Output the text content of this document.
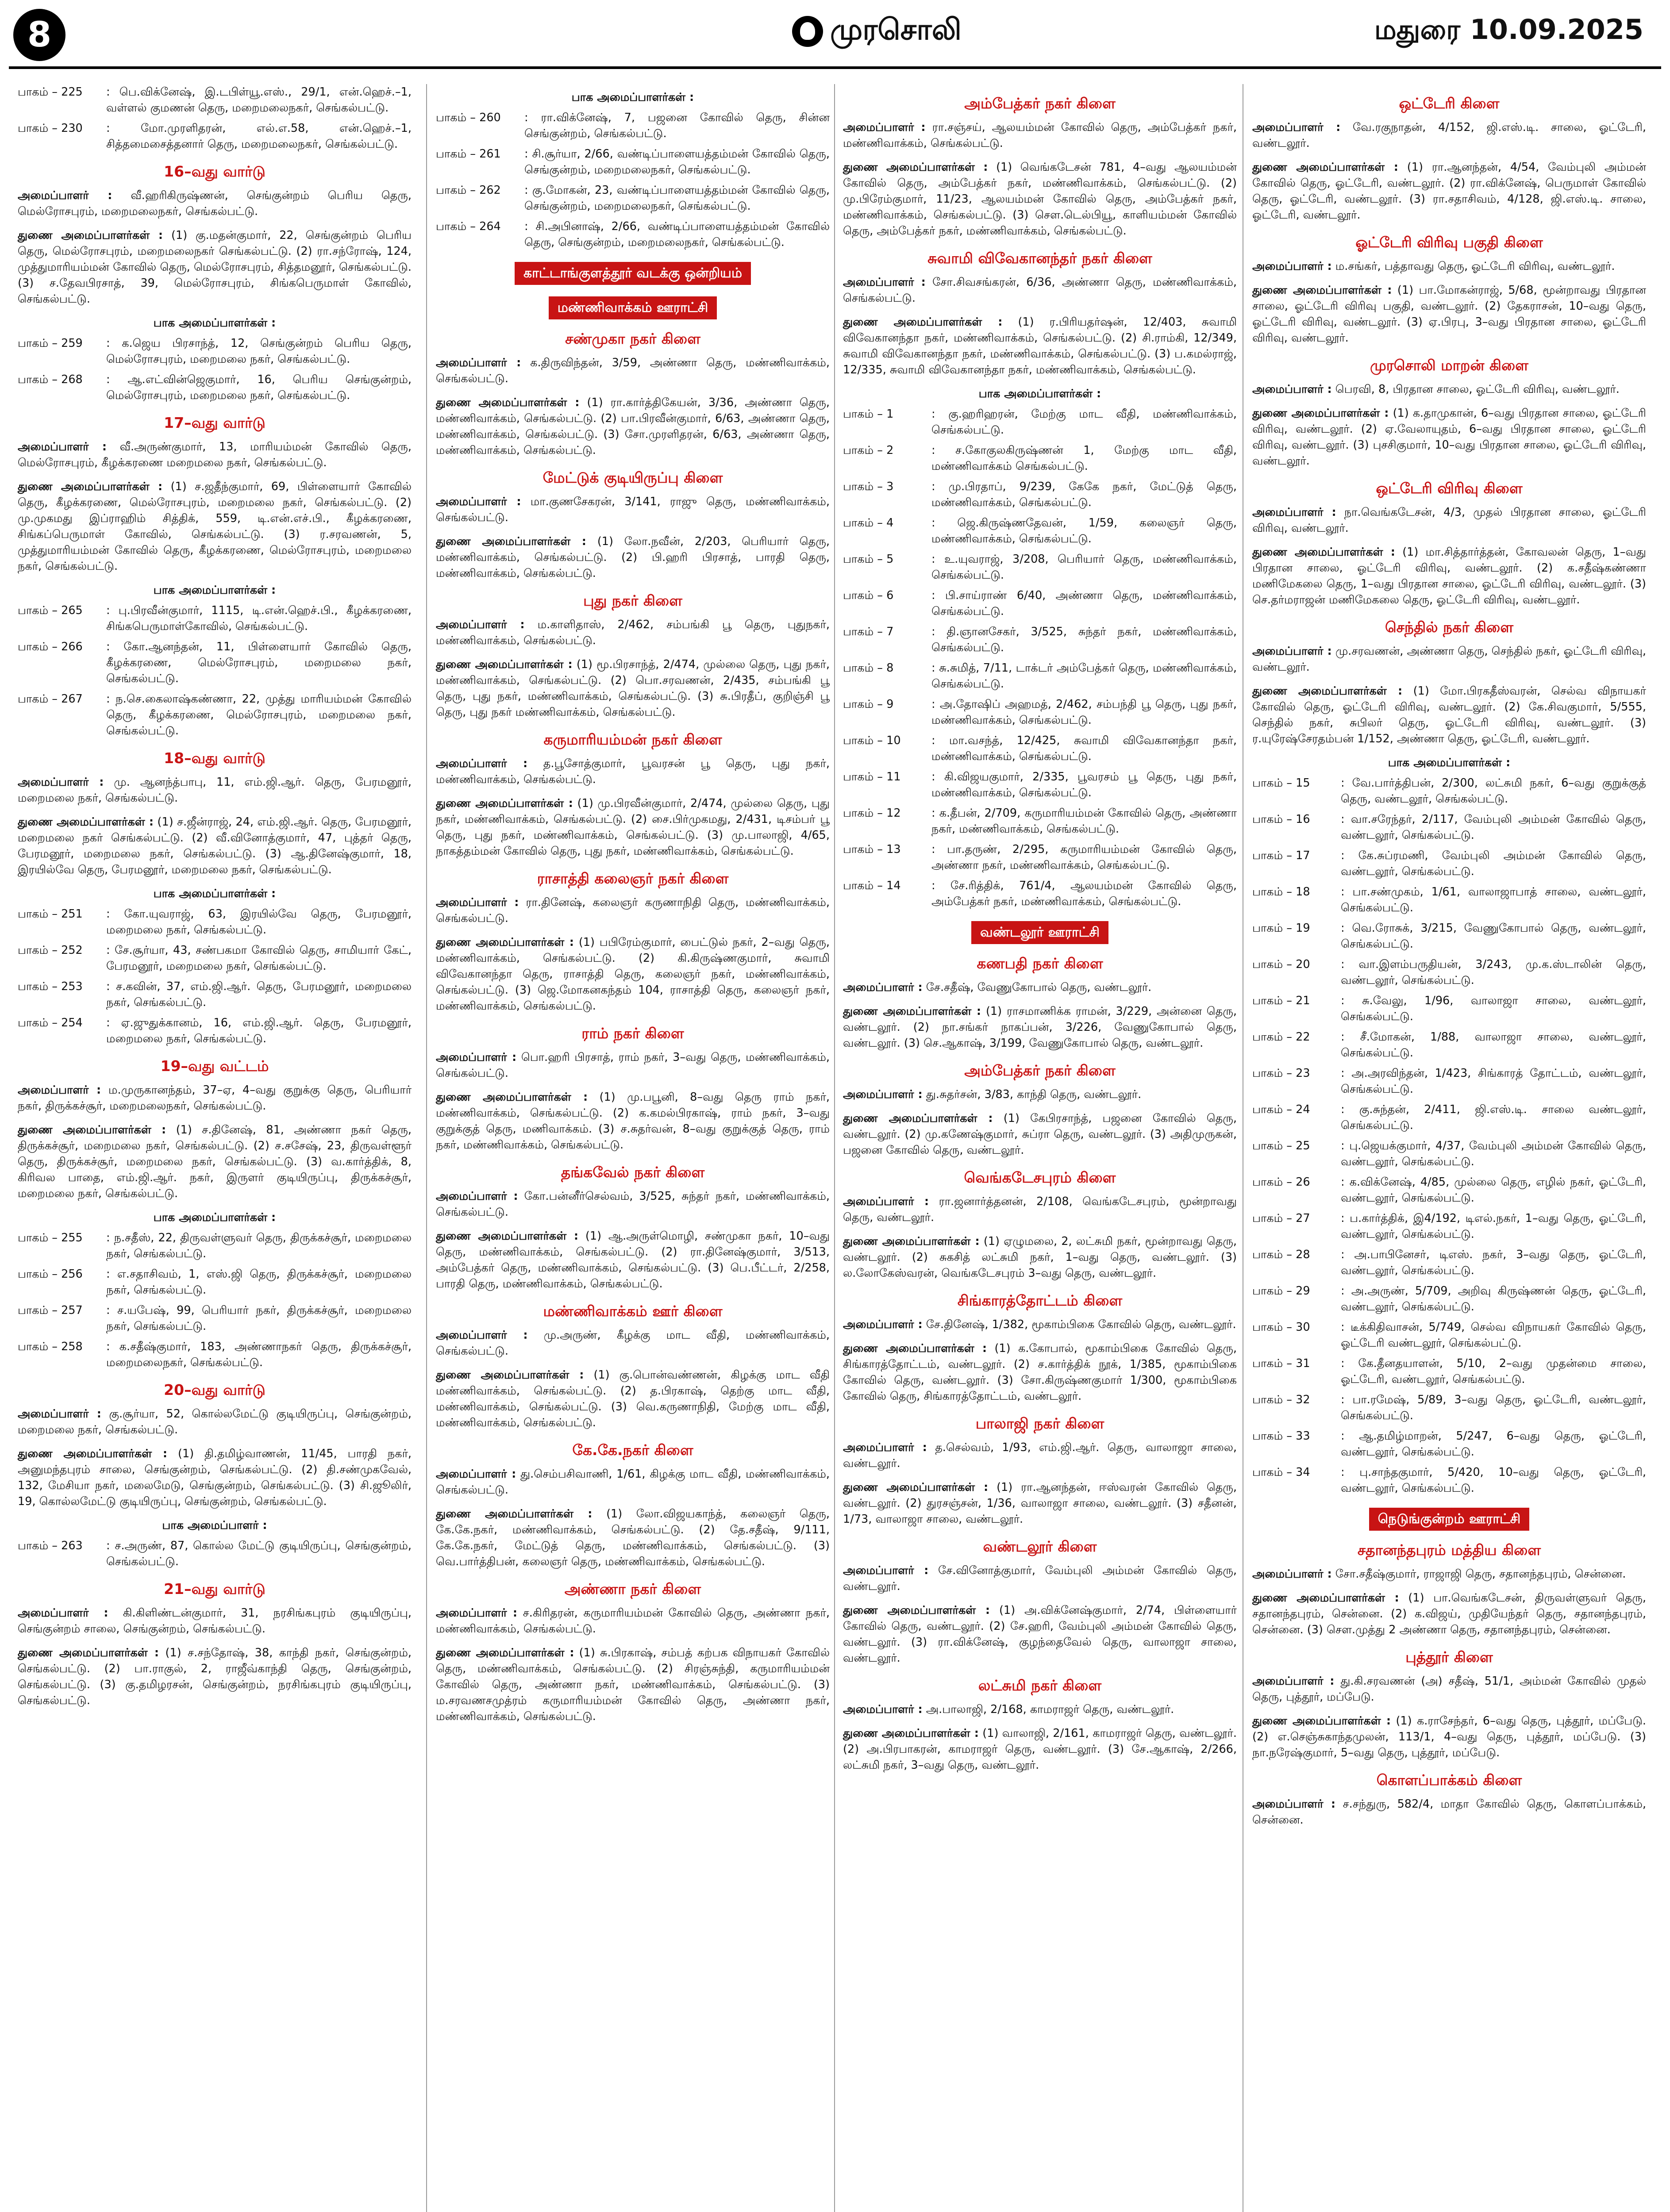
8	முரசொலி	மதுரை 10.09.2025
பாகம் – 225	: பெ.விக்னேஷ், இ.டபிள்யூ.எஸ்., 29/1, என்.ஹெச்.–1, வள்ளல் குமணன் தெரு, மறைமலைநகர், செங்கல்பட்டு.
பாகம் – 230	: மோ.முரளிதரன், எல்.எ.58, என்.ஹெச்.–1, சித்தமைசைத்தனார் தெரு, மறைமலைநகர், செங்கல்பட்டு.
16–வது வார்டு

அமைப்பாளர் : வீ.ஹரிகிருஷ்ணன், செங்குன்றம் பெரிய தெரு, மெல்ரோசபுரம், மறைமலைநகர், செங்கல்பட்டு.

துணை அமைப்பாளர்கள் : (1) கு.மதன்குமார், 22, செங்குன்றம் பெரிய தெரு, மெல்ரோசபுரம், மறைமலைநகர் செங்கல்பட்டு. (2) ரா.சந்ரோஷ், 124, முத்துமாரியம்மன் கோவில் தெரு, மெல்ரோசபுரம், சித்தமனூர், செங்கல்பட்டு. (3) ச.தேவபிரசாத், 39, மெல்ரோசபுரம், சிங்கபெருமாள் கோவில், செங்கல்பட்டு.

பாக அமைப்பாளர்கள் :
பாகம் – 259	: க.ஜெய பிரசாந்த், 12, செங்குன்றம் பெரிய தெரு, மெல்ரோசபுரம், மறைமலை நகர், செங்கல்பட்டு.
பாகம் – 268	: ஆ.எட்வின்ஜெகுமார், 16, பெரிய செங்குன்றம், மெல்ரோசபுரம், மறைமலை நகர், செங்கல்பட்டு.
17–வது வார்டு

அமைப்பாளர் : வீ.அருண்குமார், 13, மாரியம்மன் கோவில் தெரு, மெல்ரோசபுரம், கீழக்கரணை மறைமலை நகர், செங்கல்பட்டு.

துணை அமைப்பாளர்கள் : (1) ச.ஜதீந்குமார், 69, பிள்ளையார் கோவில் தெரு, கீழக்கரணை, மெல்ரோசபுரம், மறைமலை நகர், செங்கல்பட்டு. (2) மு.முகமது இப்ராஹிம் சித்திக், 559, டி.என்.எச்.பி., கீழக்கரணை, சிங்கப்பெருமாள் கோவில், செங்கல்பட்டு. (3) ர.சரவணன், 5, முத்துமாரியம்மன் கோவில் தெரு, கீழக்கரணை, மெல்ரோசபுரம், மறைமலை நகர், செங்கல்பட்டு.

பாக அமைப்பாளர்கள் :
பாகம் – 265	: பு.பிரவீன்குமார், 1115, டி.என்.ஹெச்.பி., கீழக்கரணை, சிங்கபெருமாள்கோவில், செங்கல்பட்டு.
பாகம் – 266	: கோ.ஆனந்தன், 11, பிள்ளையார் கோவில் தெரு, கீழக்கரணை, மெல்ரோசபுரம், மறைமலை நகர், செங்கல்பட்டு.
பாகம் – 267	: ந.செ.கைலாஷ்கண்ணா, 22, முத்து மாரியம்மன் கோவில் தெரு, கீழக்கரணை, மெல்ரோசபுரம், மறைமலை நகர், செங்கல்பட்டு.
18–வது வார்டு

அமைப்பாளர் : மு. ஆனந்த்பாபு, 11, எம்.ஜி.ஆர். தெரு, பேரமனூர், மறைமலை நகர், செங்கல்பட்டு.

துணை அமைப்பாளர்கள் : (1) ச.ஜீன்ராஜ், 24, எம்.ஜி.ஆர். தெரு, பேரமனூர், மறைமலை நகர் செங்கல்பட்டு. (2) வீ.வினோத்குமார், 47, புத்தர் தெரு, பேரமனூர், மறைமலை நகர், செங்கல்பட்டு. (3) ஆ.தினேஷ்குமார், 18, இரயில்வே தெரு, பேரமனூர், மறைமலை நகர், செங்கல்பட்டு.

பாக அமைப்பாளர்கள் :
பாகம் – 251	: கோ.யுவராஜ், 63, இரயில்வே தெரு, பேரமனூர், மறைமலை நகர், செங்கல்பட்டு.
பாகம் – 252	: சே.சூர்யா, 43, சண்பகமா கோவில் தெரு, சாமியார் கேட், பேரமனூர், மறைமலை நகர், செங்கல்பட்டு.
பாகம் – 253	: ச.கவின், 37, எம்.ஜி.ஆர். தெரு, பேரமனூர், மறைமலை நகர், செங்கல்பட்டு.
பாகம் – 254	: ஏ.ஜுதுக்கானம், 16, எம்.ஜி.ஆர். தெரு, பேரமனூர், மறைமலை நகர், செங்கல்பட்டு.
19–வது வட்டம்

அமைப்பாளர் : ம.முருகானந்தம், 37–ஏ, 4–வது குறுக்கு தெரு, பெரியார் நகர், திருக்கச்சூர், மறைமலைநகர், செங்கல்பட்டு.

துணை அமைப்பாளர்கள் : (1) ச.தினேஷ், 81, அண்ணா நகர் தெரு, திருக்கச்சூர், மறைமலை நகர், செங்கல்பட்டு. (2) ச.சசேஷ், 23, திருவள்ளூர் தெரு, திருக்கச்சூர், மறைமலை நகர், செங்கல்பட்டு. (3) வ.கார்த்திக், 8, கிரிவல பாதை, எம்.ஜி.ஆர். நகர், இருளர் குடியிருப்பு, திருக்கச்சூர், மறைமலை நகர், செங்கல்பட்டு.

பாக அமைப்பாளர்கள் :
பாகம் – 255	: ந.சதீஸ், 22, திருவள்ளுவர் தெரு, திருக்கச்சூர், மறைமலை நகர், செங்கல்பட்டு.
பாகம் – 256	: எ.சதாசிவம், 1, எஸ்.ஜி தெரு, திருக்கச்சூர், மறைமலை நகர், செங்கல்பட்டு.
பாகம் – 257	: ச.யபேஷ், 99, பெரியார் நகர், திருக்கச்சூர், மறைமலை நகர், செங்கல்பட்டு.
பாகம் – 258	: க.சதீஷ்குமார், 183, அண்ணாநகர் தெரு, திருக்கச்சூர், மறைமலைநகர், செங்கல்பட்டு.
20–வது வார்டு

அமைப்பாளர் : கு.சூர்யா, 52, கொல்லமேட்டு குடியிருப்பு, செங்குன்றம், மறைமலை நகர், செங்கல்பட்டு.

துணை அமைப்பாளர்கள் : (1) தி.தமிழ்வாணன், 11/45, பாரதி நகர், அனுமந்தபுரம் சாலை, செங்குன்றம், செங்கல்பட்டு. (2) தி.சண்முகவேல், 132, மேசியா நகர், மலைமேடு, செங்குன்றம், செங்கல்பட்டு. (3) சி.ஜூலிர், 19, கொல்லமேட்டு குடியிருப்பு, செங்குன்றம், செங்கல்பட்டு.

பாக அமைப்பாளர் :
பாகம் – 263	: ச.அருண், 87, கொல்ல மேட்டு குடியிருப்பு, செங்குன்றம், செங்கல்பட்டு.
21–வது வார்டு

அமைப்பாளர் : கி.கிளிண்டன்குமார், 31, நரசிங்கபுரம் குடியிருப்பு, செங்குன்றம் சாலை, செங்குன்றம், செங்கல்பட்டு.

துணை அமைப்பாளர்கள் : (1) ச.சந்தோஷ், 38, காந்தி நகர், செங்குன்றம், செங்கல்பட்டு. (2) பா.ராகுல், 2, ராஜீவ்காந்தி தெரு, செங்குன்றம், செங்கல்பட்டு. (3) கு.தமிழரசன், செங்குன்றம், நரசிங்கபுரம் குடியிருப்பு, செங்கல்பட்டு.

பாக அமைப்பாளர்கள் :
பாகம் – 260	: ரா.விக்னேஷ், 7, பஜனை கோவில் தெரு, சின்ன செங்குன்றம், செங்கல்பட்டு.
பாகம் – 261	: சி.சூர்யா, 2/66, வண்டிப்பாளையத்தம்மன் கோவில் தெரு, செங்குன்றம், மறைமலைநகர், செங்கல்பட்டு.
பாகம் – 262	: கு.மோகன், 23, வண்டிப்பாளையத்தம்மன் கோவில் தெரு, செங்குன்றம், மறைமலைநகர், செங்கல்பட்டு.
பாகம் – 264	: சி.அபினாஷ், 2/66, வண்டிப்பாளையத்தம்மன் கோவில் தெரு, செங்குன்றம், மறைமலைநகர், செங்கல்பட்டு.
காட்டாங்குளத்தூர் வடக்கு ஒன்றியம்
மண்ணிவாக்கம் ஊராட்சி
சண்முகா நகர் கிளை

அமைப்பாளர் : க.திருவிந்தன், 3/59, அண்ணா தெரு, மண்ணிவாக்கம், செங்கல்பட்டு.

துணை அமைப்பாளர்கள் : (1) ரா.கார்த்திகேயன், 3/36, அண்ணா தெரு, மண்ணிவாக்கம், செங்கல்பட்டு. (2) பா.பிரவீன்குமார், 6/63, அண்ணா தெரு, மண்ணிவாக்கம், செங்கல்பட்டு. (3) சோ.முரளிதரன், 6/63, அண்ணா தெரு, மண்ணிவாக்கம், செங்கல்பட்டு.

மேட்டுக் குடியிருப்பு கிளை

அமைப்பாளர் : மா.குணசேகரன், 3/141, ராஜு தெரு, மண்ணிவாக்கம், செங்கல்பட்டு.

துணை அமைப்பாளர்கள் : (1) லோ.நவீன், 2/203, பெரியார் தெரு, மண்ணிவாக்கம், செங்கல்பட்டு. (2) பி.ஹரி பிரசாத், பாரதி தெரு, மண்ணிவாக்கம், செங்கல்பட்டு.

புது நகர் கிளை

அமைப்பாளர் : ம.காளிதாஸ், 2/462, சம்பங்கி பூ தெரு, புதுநகர், மண்ணிவாக்கம், செங்கல்பட்டு.

துணை அமைப்பாளர்கள் : (1) மூ.பிரசாந்த், 2/474, முல்லை தெரு, புது நகர், மண்ணிவாக்கம், செங்கல்பட்டு. (2) பொ.சரவணன், 2/435, சம்பங்கி பூ தெரு, புது நகர், மண்ணிவாக்கம், செங்கல்பட்டு. (3) சு.பிரதீப், குறிஞ்சி பூ தெரு, புது நகர் மண்ணிவாக்கம், செங்கல்பட்டு.

கருமாரியம்மன் நகர் கிளை

அமைப்பாளர் : த.பூசோத்குமார், பூவரசன் பூ தெரு, புது நகர், மண்ணிவாக்கம், செங்கல்பட்டு.

துணை அமைப்பாளர்கள் : (1) மு.பிரவீன்குமார், 2/474, முல்லை தெரு, புது நகர், மண்ணிவாக்கம், செங்கல்பட்டு. (2) சை.பிர்முகமது, 2/431, டிசம்பர் பூ தெரு, புது நகர், மண்ணிவாக்கம், செங்கல்பட்டு. (3) மு.பாலாஜி, 4/65, நாகத்தம்மன் கோவில் தெரு, புது நகர், மண்ணிவாக்கம், செங்கல்பட்டு.

ராசாத்தி கலைஞர் நகர் கிளை

அமைப்பாளர் : ரா.தினேஷ், கலைஞர் கருணாநிதி தெரு, மண்ணிவாக்கம், செங்கல்பட்டு.

துணை அமைப்பாளர்கள் : (1) பபிரேம்குமார், பைட்டுல் நகர், 2–வது தெரு, மண்ணிவாக்கம், செங்கல்பட்டு. (2) கி.கிருஷ்ணகுமார், சுவாமி விவேகானந்தா தெரு, ராசாத்தி தெரு, கலைஞர் நகர், மண்ணிவாக்கம், செங்கல்பட்டு. (3) ஜெ.மோகனகந்தம் 104, ராசாத்தி தெரு, கலைஞர் நகர், மண்ணிவாக்கம், செங்கல்பட்டு.

ராம் நகர் கிளை

அமைப்பாளர் : பொ.ஹரி பிரசாத், ராம் நகர், 3–வது தெரு, மண்ணிவாக்கம், செங்கல்பட்டு.

துணை அமைப்பாளர்கள் : (1) மு.பபூனி, 8–வது தெரு ராம் நகர், மண்ணிவாக்கம், செங்கல்பட்டு. (2) க.கமல்பிரகாஷ், ராம் நகர், 3–வது குறுக்குத் தெரு, மணிவாக்கம். (3) ச.சுதர்வன், 8–வது குறுக்குத் தெரு, ராம் நகர், மண்ணிவாக்கம், செங்கல்பட்டு.

தங்கவேல் நகர் கிளை

அமைப்பாளர் : கோ.பன்னீர்செல்வம், 3/525, சுந்தர் நகர், மண்ணிவாக்கம், செங்கல்பட்டு.

துணை அமைப்பாளர்கள் : (1) ஆ.அருள்மொழி, சண்முகா நகர், 10–வது தெரு, மண்ணிவாக்கம், செங்கல்பட்டு. (2) ரா.தினேஷ்குமார், 3/513, அம்பேத்கர் தெரு, மண்ணிவாக்கம், செங்கல்பட்டு. (3) பெ.பீட்டர், 2/258, பாரதி தெரு, மண்ணிவாக்கம், செங்கல்பட்டு.

மண்ணிவாக்கம் ஊர் கிளை

அமைப்பாளர் : மு.அருண், கீழக்கு மாட வீதி, மண்ணிவாக்கம், செங்கல்பட்டு.

துணை அமைப்பாளர்கள் : (1) கு.பொன்வண்ணன், கிழக்கு மாட வீதி மண்ணிவாக்கம், செங்கல்பட்டு. (2) த.பிரகாஷ், தெற்கு மாட வீதி, மண்ணிவாக்கம், செங்கல்பட்டு. (3) வெ.கருணாநிதி, மேற்கு மாட வீதி, மண்ணிவாக்கம், செங்கல்பட்டு.

கே.கே.நகர் கிளை

அமைப்பாளர் : து.செம்பசிவாணி, 1/61, கிழக்கு மாட வீதி, மண்ணிவாக்கம், செங்கல்பட்டு.

துணை அமைப்பாளர்கள் : (1) லோ.விஜயகாந்த், கலைஞர் தெரு, கே.கே.நகர், மண்ணிவாக்கம், செங்கல்பட்டு. (2) தே.சதீஷ், 9/111, கே.கே.நகர், மேட்டுத் தெரு, மண்ணிவாக்கம், செங்கல்பட்டு. (3) வெ.பார்த்திபன், கலைஞர் தெரு, மண்ணிவாக்கம், செங்கல்பட்டு.

அண்ணா நகர் கிளை

அமைப்பாளர் : ச.கிரிதரன், கருமாரியம்மன் கோவில் தெரு, அண்ணா நகர், மண்ணிவாக்கம், செங்கல்பட்டு.

துணை அமைப்பாளர்கள் : (1) சு.பிரகாஷ், சம்பத் கற்பக விநாயகர் கோவில் தெரு, மண்ணிவாக்கம், செங்கல்பட்டு. (2) சிரஞ்சுந்தி, கருமாரியம்மன் கோவில் தெரு, அண்ணா நகர், மண்ணிவாக்கம், செங்கல்பட்டு. (3) ம.சரவணசமுத்ரம் கருமாரியம்மன் கோவில் தெரு, அண்ணா நகர், மண்ணிவாக்கம், செங்கல்பட்டு.

அம்பேத்கர் நகர் கிளை

அமைப்பாளர் : ரா.சஞ்சய், ஆலயம்மன் கோவில் தெரு, அம்பேத்கர் நகர், மண்ணிவாக்கம், செங்கல்பட்டு.

துணை அமைப்பாளர்கள் : (1) வெங்கடேசன் 781, 4–வது ஆலயம்மன் கோவில் தெரு, அம்பேத்கர் நகர், மண்ணிவாக்கம், செங்கல்பட்டு. (2) மு.பிரேம்குமார், 11/23, ஆலயம்மன் கோவில் தெரு, அம்பேத்கர் நகர், மண்ணிவாக்கம், செங்கல்பட்டு. (3) சௌ.டெல்பியூ, காளியம்மன் கோவில் தெரு, அம்பேத்கர் நகர், மண்ணிவாக்கம், செங்கல்பட்டு.

சுவாமி விவேகானந்தர் நகர் கிளை

அமைப்பாளர் : சோ.சிவசங்கரன், 6/36, அண்ணா தெரு, மண்ணிவாக்கம், செங்கல்பட்டு.

துணை அமைப்பாளர்கள் : (1) ர.பிரியதர்ஷன், 12/403, சுவாமி விவேகானந்தா நகர், மண்ணிவாக்கம், செங்கல்பட்டு. (2) சி.ராம்கி, 12/349, சுவாமி விவேகானந்தா நகர், மண்ணிவாக்கம், செங்கல்பட்டு. (3) ப.கமல்ராஜ், 12/335, சுவாமி விவேகானந்தா நகர், மண்ணிவாக்கம், செங்கல்பட்டு.

பாக அமைப்பாளர்கள் :
பாகம் – 1	: கு.ஹரிஹரன், மேற்கு மாட வீதி, மண்ணிவாக்கம், செங்கல்பட்டு.
பாகம் – 2	: ச.கோகுலகிருஷ்ணன் 1, மேற்கு மாட வீதி, மண்ணிவாக்கம் செங்கல்பட்டு.
பாகம் – 3	: மு.பிரதாப், 9/239, கேகே நகர், மேட்டுத் தெரு, மண்ணிவாக்கம், செங்கல்பட்டு.
பாகம் – 4	: ஜெ.கிருஷ்ணதேவன், 1/59, கலைஞர் தெரு, மண்ணிவாக்கம், செங்கல்பட்டு.
பாகம் – 5	: உ.யுவராஜ், 3/208, பெரியார் தெரு, மண்ணிவாக்கம், செங்கல்பட்டு.
பாகம் – 6	: பி.சாய்ராண் 6/40, அண்ணா தெரு, மண்ணிவாக்கம், செங்கல்பட்டு.
பாகம் – 7	: தி.ஞானசேகர், 3/525, சுந்தர் நகர், மண்ணிவாக்கம், செங்கல்பட்டு.
பாகம் – 8	: சு.சுமித், 7/11, டாக்டர் அம்பேத்கர் தெரு, மண்ணிவாக்கம், செங்கல்பட்டு.
பாகம் – 9	: அ.தோஷிப் அஹமத், 2/462, சம்பந்தி பூ தெரு, புது நகர், மண்ணிவாக்கம், செங்கல்பட்டு.
பாகம் – 10	: மா.வசந்த், 12/425, சுவாமி விவேகானந்தா நகர், மண்ணிவாக்கம், செங்கல்பட்டு.
பாகம் – 11	: கி.விஜயகுமார், 2/335, பூவரசம் பூ தெரு, புது நகர், மண்ணிவாக்கம், செங்கல்பட்டு.
பாகம் – 12	: க.தீபன், 2/709, கருமாரியம்மன் கோவில் தெரு, அண்ணா நகர், மண்ணிவாக்கம், செங்கல்பட்டு.
பாகம் – 13	: பா.தருண், 2/295, கருமாரியம்மன் கோவில் தெரு, அண்ணா நகர், மண்ணிவாக்கம், செங்கல்பட்டு.
பாகம் – 14	: சே.ரித்திக், 761/4, ஆலயம்மன் கோவில் தெரு, அம்பேத்கர் நகர், மண்ணிவாக்கம், செங்கல்பட்டு.
வண்டலூர் ஊராட்சி
கணபதி நகர் கிளை

அமைப்பாளர் : சே.சதீஷ், வேணுகோபால் தெரு, வண்டலூர்.

துணை அமைப்பாளர்கள் : (1) ராசமாணிக்க ராமன், 3/229, அன்னை தெரு, வண்டலூர். (2) நா.சங்கர் நாகப்பன், 3/226, வேணுகோபால் தெரு, வண்டலூர். (3) செ.ஆகாஷ், 3/199, வேணுகோபால் தெரு, வண்டலூர்.

அம்பேத்கர் நகர் கிளை

அமைப்பாளர் : து.சுதர்சன், 3/83, காந்தி தெரு, வண்டலூர்.

துணை அமைப்பாளர்கள் : (1) கேபிரசாந்த், பஜனை கோவில் தெரு, வண்டலூர். (2) மு.கணேஷ்குமார், சுப்ரா தெரு, வண்டலூர். (3) அதிமுருகன், பஜனை கோவில் தெரு, வண்டலூர்.

வெங்கடேசபுரம் கிளை

அமைப்பாளர் : ரா.ஜனார்த்தனன், 2/108, வெங்கடேசபுரம், மூன்றாவது தெரு, வண்டலூர்.

துணை அமைப்பாளர்கள் : (1) ஏழுமலை, 2, லட்சுமி நகர், மூன்றாவது தெரு, வண்டலூர். (2) சுகசித் லட்சுமி நகர், 1–வது தெரு, வண்டலூர். (3) ல.லோகேஸ்வரன், வெங்கடேசபுரம் 3–வது தெரு, வண்டலூர்.

சிங்காரத்தோட்டம் கிளை

அமைப்பாளர் : சே.தினேஷ், 1/382, மூகாம்பிகை கோவில் தெரு, வண்டலூர்.

துணை அமைப்பாளர்கள் : (1) க.கோபால், மூகாம்பிகை கோவில் தெரு, சிங்காரத்தோட்டம், வண்டலூர். (2) ச.கார்த்திக் நூக், 1/385, மூகாம்பிகை கோவில் தெரு, வண்டலூர். (3) சோ.கிருஷ்ணகுமார் 1/300, மூகாம்பிகை கோவில் தெரு, சிங்காரத்தோட்டம், வண்டலூர்.

பாலாஜி நகர் கிளை

அமைப்பாளர் : த.செல்வம், 1/93, எம்.ஜி.ஆர். தெரு, வாலாஜா சாலை, வண்டலூர்.

துணை அமைப்பாளர்கள் : (1) ரா.ஆனந்தன், ஈஸ்வரன் கோவில் தெரு, வண்டலூர். (2) துரசஞ்சன், 1/36, வாலாஜா சாலை, வண்டலூர். (3) சதீனன், 1/73, வாலாஜா சாலை, வண்டலூர்.

வண்டலூர் கிளை

அமைப்பாளர் : சே.வினோத்குமார், வேம்புலி அம்மன் கோவில் தெரு, வண்டலூர்.

துணை அமைப்பாளர்கள் : (1) அ.விக்னேஷ்குமார், 2/74, பிள்ளையார் கோவில் தெரு, வண்டலூர். (2) சே.ஹரி, வேம்புலி அம்மன் கோவில் தெரு, வண்டலூர். (3) ரா.விக்னேஷ், குழந்தைவேல் தெரு, வாலாஜா சாலை, வண்டலூர்.

லட்சுமி நகர் கிளை

அமைப்பாளர் : அ.பாலாஜி, 2/168, காமராஜர் தெரு, வண்டலூர்.

துணை அமைப்பாளர்கள் : (1) வாலாஜி, 2/161, காமராஜர் தெரு, வண்டலூர். (2) அ.பிரபாகரன், காமராஜர் தெரு, வண்டலூர். (3) சே.ஆகாஷ், 2/266, லட்சுமி நகர், 3–வது தெரு, வண்டலூர்.

ஒட்டேரி கிளை

அமைப்பாளர் : வே.ரகுநாதன், 4/152, ஜி.எஸ்.டி. சாலை, ஓட்டேரி, வண்டலூர்.

துணை அமைப்பாளர்கள் : (1) ரா.ஆனந்தன், 4/54, வேம்புலி அம்மன் கோவில் தெரு, ஓட்டேரி, வண்டலூர். (2) ரா.விக்னேஷ், பெருமாள் கோவில் தெரு, ஓட்டேரி, வண்டலூர். (3) ரா.சதாசிவம், 4/128, ஜி.எஸ்.டி. சாலை, ஓட்டேரி, வண்டலூர்.

ஓட்டேரி விரிவு பகுதி கிளை

அமைப்பாளர் : ம.சங்கர், பத்தாவது தெரு, ஓட்டேரி விரிவு, வண்டலூர்.

துணை அமைப்பாளர்கள் : (1) பா.மோகன்ராஜ், 5/68, மூன்றாவது பிரதான சாலை, ஓட்டேரி விரிவு பகுதி, வண்டலூர். (2) தேகராசன், 10–வது தெரு, ஓட்டேரி விரிவு, வண்டலூர். (3) ஏ.பிரபு, 3–வது பிரதான சாலை, ஓட்டேரி விரிவு, வண்டலூர்.

முரசொலி மாறன் கிளை

அமைப்பாளர் : பெரவி, 8, பிரதான சாலை, ஓட்டேரி விரிவு, வண்டலூர்.

துணை அமைப்பாளர்கள் : (1) க.தாமுகான், 6–வது பிரதான சாலை, ஓட்டேரி விரிவு, வண்டலூர். (2) ஏ.வேலாயுதம், 6–வது பிரதான சாலை, ஓட்டேரி விரிவு, வண்டலூர். (3) புசசிகுமார், 10–வது பிரதான சாலை, ஓட்டேரி விரிவு, வண்டலூர்.

ஒட்டேரி விரிவு கிளை

அமைப்பாளர் : நா.வெங்கடேசன், 4/3, முதல் பிரதான சாலை, ஓட்டேரி விரிவு, வண்டலூர்.

துணை அமைப்பாளர்கள் : (1) மா.சித்தார்த்தன், கோவலன் தெரு, 1–வது பிரதான சாலை, ஓட்டேரி விரிவு, வண்டலூர். (2) க.சதீஷ்கண்ணா மணிமேகலை தெரு, 1–வது பிரதான சாலை, ஓட்டேரி விரிவு, வண்டலூர். (3) செ.தர்மராஜன் மணிமேகலை தெரு, ஓட்டேரி விரிவு, வண்டலூர்.

செந்தில் நகர் கிளை

அமைப்பாளர் : மு.சரவணன், அண்ணா தெரு, செந்தில் நகர், ஓட்டேரி விரிவு, வண்டலூர்.

துணை அமைப்பாளர்கள் : (1) மோ.பிரகதீஸ்வரன், செல்வ விநாயகர் கோவில் தெரு, ஓட்டேரி விரிவு, வண்டலூர். (2) கே.சிவகுமார், 5/555, செந்தில் நகர், சுபிலர் தெரு, ஓட்டேரி விரிவு, வண்டலூர். (3) ர.யுரேஷ்சேரதம்பன் 1/152, அண்ணா தெரு, ஓட்டேரி, வண்டலூர்.

பாக அமைப்பாளர்கள் :
பாகம் – 15	: வே.பார்த்திபன், 2/300, லட்சுமி நகர், 6–வது குறுக்குத் தெரு, வண்டலூர், செங்கல்பட்டு.
பாகம் – 16	: வா.சரேந்தர், 2/117, வேம்புலி அம்மன் கோவில் தெரு, வண்டலூர், செங்கல்பட்டு.
பாகம் – 17	: கே.சுப்ரமணி, வேம்புலி அம்மன் கோவில் தெரு, வண்டலூர், செங்கல்பட்டு.
பாகம் – 18	: பா.சண்முகம், 1/61, வாலாஜாபாத் சாலை, வண்டலூர், செங்கல்பட்டு.
பாகம் – 19	: வெ.ரோசுக், 3/215, வேணுகோபால் தெரு, வண்டலூர், செங்கல்பட்டு.
பாகம் – 20	: வா.இளம்பருதியன், 3/243, மு.க.ஸ்டாலின் தெரு, வண்டலூர், செங்கல்பட்டு.
பாகம் – 21	: சு.வேலு, 1/96, வாலாஜா சாலை, வண்டலூர், செங்கல்பட்டு.
பாகம் – 22	: சீ.மோகன், 1/88, வாலாஜா சாலை, வண்டலூர், செங்கல்பட்டு.
பாகம் – 23	: அ.அரவிந்தன், 1/423, சிங்காரத் தோட்டம், வண்டலூர், செங்கல்பட்டு.
பாகம் – 24	: கு.சுந்தன், 2/411, ஜி.எஸ்.டி. சாலை வண்டலூர், செங்கல்பட்டு.
பாகம் – 25	: பு.ஜெயக்குமார், 4/37, வேம்புலி அம்மன் கோவில் தெரு, வண்டலூர், செங்கல்பட்டு.
பாகம் – 26	: க.விக்னேஷ், 4/85, முல்லை தெரு, எழில் நகர், ஓட்டேரி, வண்டலூர், செங்கல்பட்டு.
பாகம் – 27	: ப.கார்த்திக், இ4/192, டிஎல்.நகர், 1–வது தெரு, ஓட்டேரி, வண்டலூர், செங்கல்பட்டு.
பாகம் – 28	: அ.பாபினேசர், டிஎஸ். நகர், 3–வது தெரு, ஓட்டேரி, வண்டலூர், செங்கல்பட்டு.
பாகம் – 29	: அ.அருண், 5/709, அறிவு கிருஷ்ணன் தெரு, ஓட்டேரி, வண்டலூர், செங்கல்பட்டு.
பாகம் – 30	: டீக்கிதிவாசன், 5/749, செல்வ விநாயகர் கோவில் தெரு, ஓட்டேரி வண்டலூர், செங்கல்பட்டு.
பாகம் – 31	: கே.தீனதயாளன், 5/10, 2–வது முதன்மை சாலை, ஓட்டேரி, வண்டலூர், செங்கல்பட்டு.
பாகம் – 32	: பா.ரமேஷ், 5/89, 3–வது தெரு, ஓட்டேரி, வண்டலூர், செங்கல்பட்டு.
பாகம் – 33	: ஆ.தமிழ்மாறன், 5/247, 6–வது தெரு, ஓட்டேரி, வண்டலூர், செங்கல்பட்டு.
பாகம் – 34	: பு.சாந்தகுமார், 5/420, 10–வது தெரு, ஓட்டேரி, வண்டலூர், செங்கல்பட்டு.
நெடுங்குன்றம் ஊராட்சி
சதானந்தபுரம் மத்திய கிளை

அமைப்பாளர் : சோ.சதீஷ்குமார், ராஜாஜி தெரு, சதானந்தபுரம், சென்னை.

துணை அமைப்பாளர்கள் : (1) பா.வெங்கடேசன், திருவள்ளுவர் தெரு, சதானந்தபுரம், சென்னை. (2) க.விஜய், முதியேந்தர் தெரு, சதானந்தபுரம், சென்னை. (3) சௌ.முத்து 2 அண்ணா தெரு, சதானந்தபுரம், சென்னை.

புத்தூர் கிளை

அமைப்பாளர் : து.கி.சரவணன் (அ) சதீஷ், 51/1, அம்மன் கோவில் முதல் தெரு, புத்தூர், மப்பேடு.

துணை அமைப்பாளர்கள் : (1) க.ராசேந்தர், 6–வது தெரு, புத்தூர், மப்பேடு. (2) எ.செஞ்சுகாந்தமுலன், 113/1, 4–வது தெரு, புத்தூர், மப்பேடு. (3) நா.நரேஷ்குமார், 5–வது தெரு, புத்தூர், மப்பேடு.

கொளப்பாக்கம் கிளை

அமைப்பாளர் : ச.சந்துரு, 582/4, மாதா கோவில் தெரு, கொளப்பாக்கம், சென்னை.
